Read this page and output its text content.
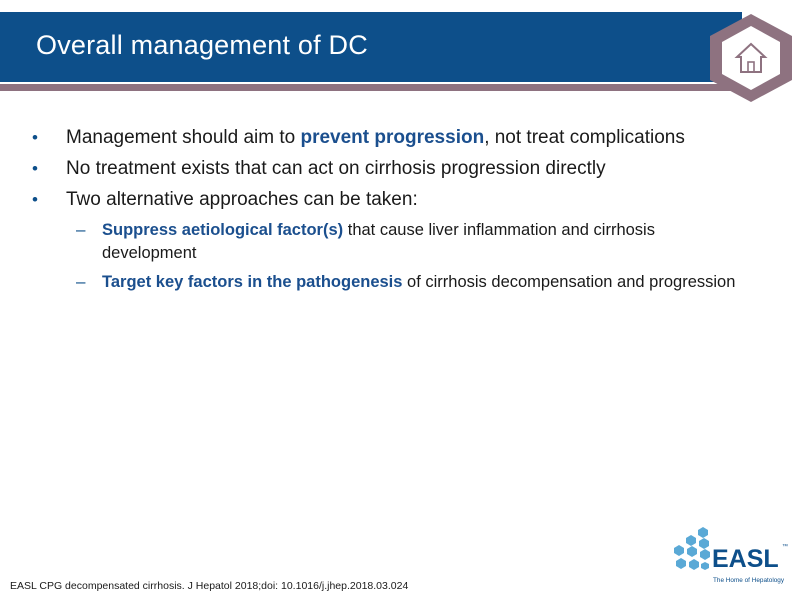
Overall management of DC
• Management should aim to prevent progression, not treat complications
• No treatment exists that can act on cirrhosis progression directly
• Two alternative approaches can be taken:
– Suppress aetiological factor(s) that cause liver inflammation and cirrhosis development
– Target key factors in the pathogenesis of cirrhosis decompensation and progression
EASL CPG decompensated cirrhosis. J Hepatol 2018;doi: 10.1016/j.jhep.2018.03.024
EASL ™
The Home of Hepatology
